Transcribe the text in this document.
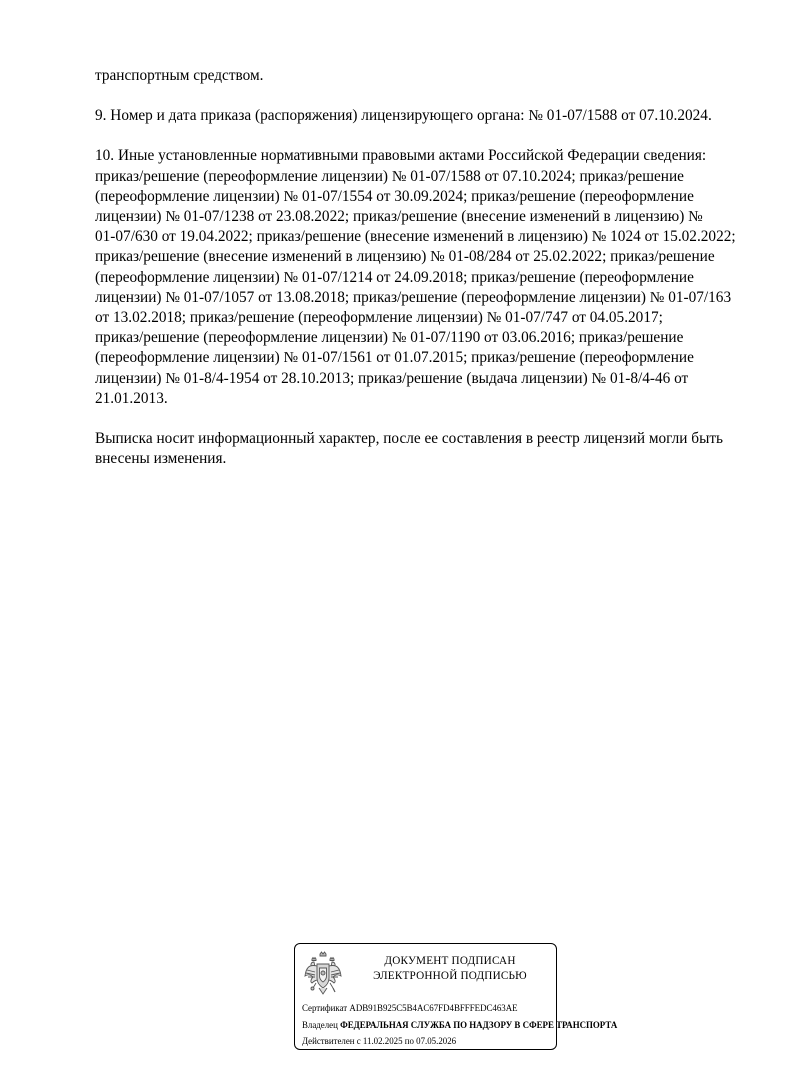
транспортным средством.

9. Номер и дата приказа (распоряжения) лицензирующего органа: № 01-07/1588 от 07.10.2024.

10. Иные установленные нормативными правовыми актами Российской Федерации сведения:
приказ/решение (переоформление лицензии) № 01-07/1588 от 07.10.2024; приказ/решение
(переоформление лицензии) № 01-07/1554 от 30.09.2024; приказ/решение (переоформление
лицензии) № 01-07/1238 от 23.08.2022; приказ/решение (внесение изменений в лицензию) №
01-07/630 от 19.04.2022; приказ/решение (внесение изменений в лицензию) № 1024 от 15.02.2022;
приказ/решение (внесение изменений в лицензию) № 01-08/284 от 25.02.2022; приказ/решение
(переоформление лицензии) № 01-07/1214 от 24.09.2018; приказ/решение (переоформление
лицензии) № 01-07/1057 от 13.08.2018; приказ/решение (переоформление лицензии) № 01-07/163
от 13.02.2018; приказ/решение (переоформление лицензии) № 01-07/747 от 04.05.2017;
приказ/решение (переоформление лицензии) № 01-07/1190 от 03.06.2016; приказ/решение
(переоформление лицензии) № 01-07/1561 от 01.07.2015; приказ/решение (переоформление
лицензии) № 01-8/4-1954 от 28.10.2013; приказ/решение (выдача лицензии) № 01-8/4-46 от
21.01.2013.

Выписка носит информационный характер, после ее составления в реестр лицензий могли быть
внесены изменения.

ДОКУМЕНТ ПОДПИСАН
ЭЛЕКТРОННОЙ ПОДПИСЬЮ
Сертификат ADB91B925C5B4AC67FD4BFFFEDC463AE
Владелец ФЕДЕРАЛЬНАЯ СЛУЖБА ПО НАДЗОРУ В СФЕРЕ ТРАНСПОРТА
Действителен с 11.02.2025 по 07.05.2026
